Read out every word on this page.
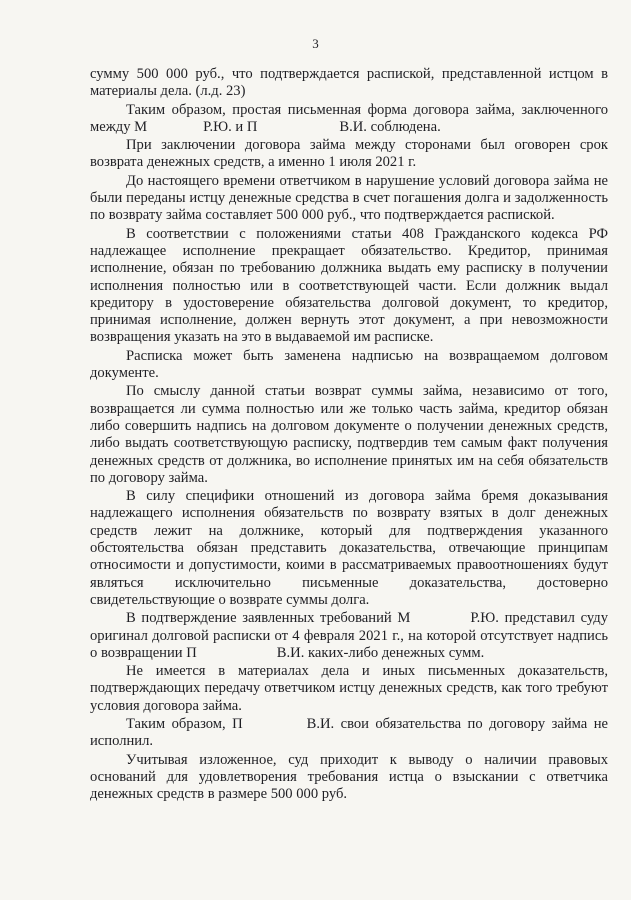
3

сумму 500 000 руб., что подтверждается распиской, представленной истцом в материалы дела. (л.д. 23)

Таким образом, простая письменная форма договора займа, заключенного между М	Р.Ю. и П	В.И. соблюдена.

При заключении договора займа между сторонами был оговорен срок возврата денежных средств, а именно 1 июля 2021 г.

До настоящего времени ответчиком в нарушение условий договора займа не были переданы истцу денежные средства в счет погашения долга и задолженность по возврату займа составляет 500 000 руб., что подтверждается распиской.

В соответствии с положениями статьи 408 Гражданского кодекса РФ надлежащее исполнение прекращает обязательство. Кредитор, принимая исполнение, обязан по требованию должника выдать ему расписку в получении исполнения полностью или в соответствующей части. Если должник выдал кредитору в удостоверение обязательства долговой документ, то кредитор, принимая исполнение, должен вернуть этот документ, а при невозможности возвращения указать на это в выдаваемой им расписке.

Расписка может быть заменена надписью на возвращаемом долговом документе.

По смыслу данной статьи возврат суммы займа, независимо от того, возвращается ли сумма полностью или же только часть займа, кредитор обязан либо совершить надпись на долговом документе о получении денежных средств, либо выдать соответствующую расписку, подтвердив тем самым факт получения денежных средств от должника, во исполнение принятых им на себя обязательств по договору займа.

В силу специфики отношений из договора займа бремя доказывания надлежащего исполнения обязательств по возврату взятых в долг денежных средств лежит на должнике, который для подтверждения указанного обстоятельства обязан представить доказательства, отвечающие принципам относимости и допустимости, коими в рассматриваемых правоотношениях будут являться исключительно письменные доказательства, достоверно свидетельствующие о возврате суммы долга.

В подтверждение заявленных требований М	Р.Ю. представил суду оригинал долговой расписки от 4 февраля 2021 г., на которой отсутствует надпись о возвращении П	В.И. каких-либо денежных сумм.

Не имеется в материалах дела и иных письменных доказательств, подтверждающих передачу ответчиком истцу денежных средств, как того требуют условия договора займа.

Таким образом, П	В.И. свои обязательства по договору займа не исполнил.

Учитывая изложенное, суд приходит к выводу о наличии правовых оснований для удовлетворения требования истца о взыскании с ответчика денежных средств в размере 500 000 руб.
